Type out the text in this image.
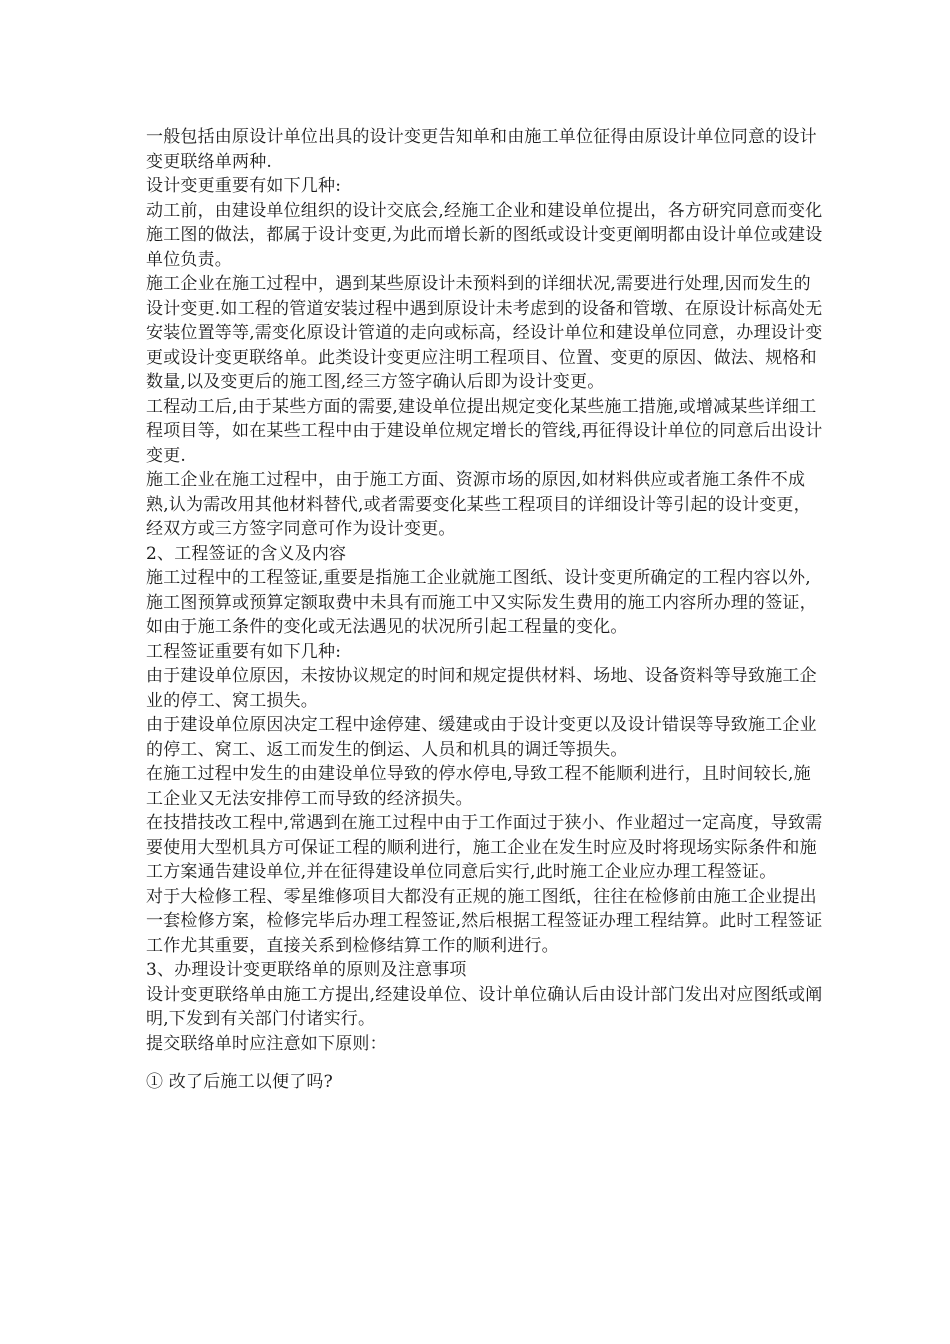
一般包括由原设计单位出具的设计变更告知单和由施工单位征得由原设计单位同意的设计变更联络单两种.

设计变更重要有如下几种:

动工前，由建设单位组织的设计交底会,经施工企业和建设单位提出，各方研究同意而变化施工图的做法，都属于设计变更,为此而增长新的图纸或设计变更阐明都由设计单位或建设单位负责。

施工企业在施工过程中，遇到某些原设计未预料到的详细状况,需要进行处理,因而发生的设计变更.如工程的管道安装过程中遇到原设计未考虑到的设备和管墩、在原设计标高处无安装位置等等,需变化原设计管道的走向或标高，经设计单位和建设单位同意，办理设计变更或设计变更联络单。此类设计变更应注明工程项目、位置、变更的原因、做法、规格和数量,以及变更后的施工图,经三方签字确认后即为设计变更。

工程动工后,由于某些方面的需要,建设单位提出规定变化某些施工措施,或增减某些详细工程项目等，如在某些工程中由于建设单位规定增长的管线,再征得设计单位的同意后出设计变更.

施工企业在施工过程中，由于施工方面、资源市场的原因,如材料供应或者施工条件不成熟,认为需改用其他材料替代,或者需要变化某些工程项目的详细设计等引起的设计变更，经双方或三方签字同意可作为设计变更。

2、工程签证的含义及内容

施工过程中的工程签证,重要是指施工企业就施工图纸、设计变更所确定的工程内容以外,施工图预算或预算定额取费中未具有而施工中又实际发生费用的施工内容所办理的签证，如由于施工条件的变化或无法遇见的状况所引起工程量的变化。

工程签证重要有如下几种:

由于建设单位原因，未按协议规定的时间和规定提供材料、场地、设备资料等导致施工企业的停工、窝工损失。

由于建设单位原因决定工程中途停建、缓建或由于设计变更以及设计错误等导致施工企业的停工、窝工、返工而发生的倒运、人员和机具的调迁等损失。

在施工过程中发生的由建设单位导致的停水停电,导致工程不能顺利进行，且时间较长,施工企业又无法安排停工而导致的经济损失。

在技措技改工程中,常遇到在施工过程中由于工作面过于狭小、作业超过一定高度，导致需要使用大型机具方可保证工程的顺利进行，施工企业在发生时应及时将现场实际条件和施工方案通告建设单位,并在征得建设单位同意后实行,此时施工企业应办理工程签证。

对于大检修工程、零星维修项目大都没有正规的施工图纸，往往在检修前由施工企业提出一套检修方案，检修完毕后办理工程签证,然后根据工程签证办理工程结算。此时工程签证工作尤其重要，直接关系到检修结算工作的顺利进行。

3、办理设计变更联络单的原则及注意事项

设计变更联络单由施工方提出,经建设单位、设计单位确认后由设计部门发出对应图纸或阐明,下发到有关部门付诸实行。

提交联络单时应注意如下原则：

① 改了后施工以便了吗?
